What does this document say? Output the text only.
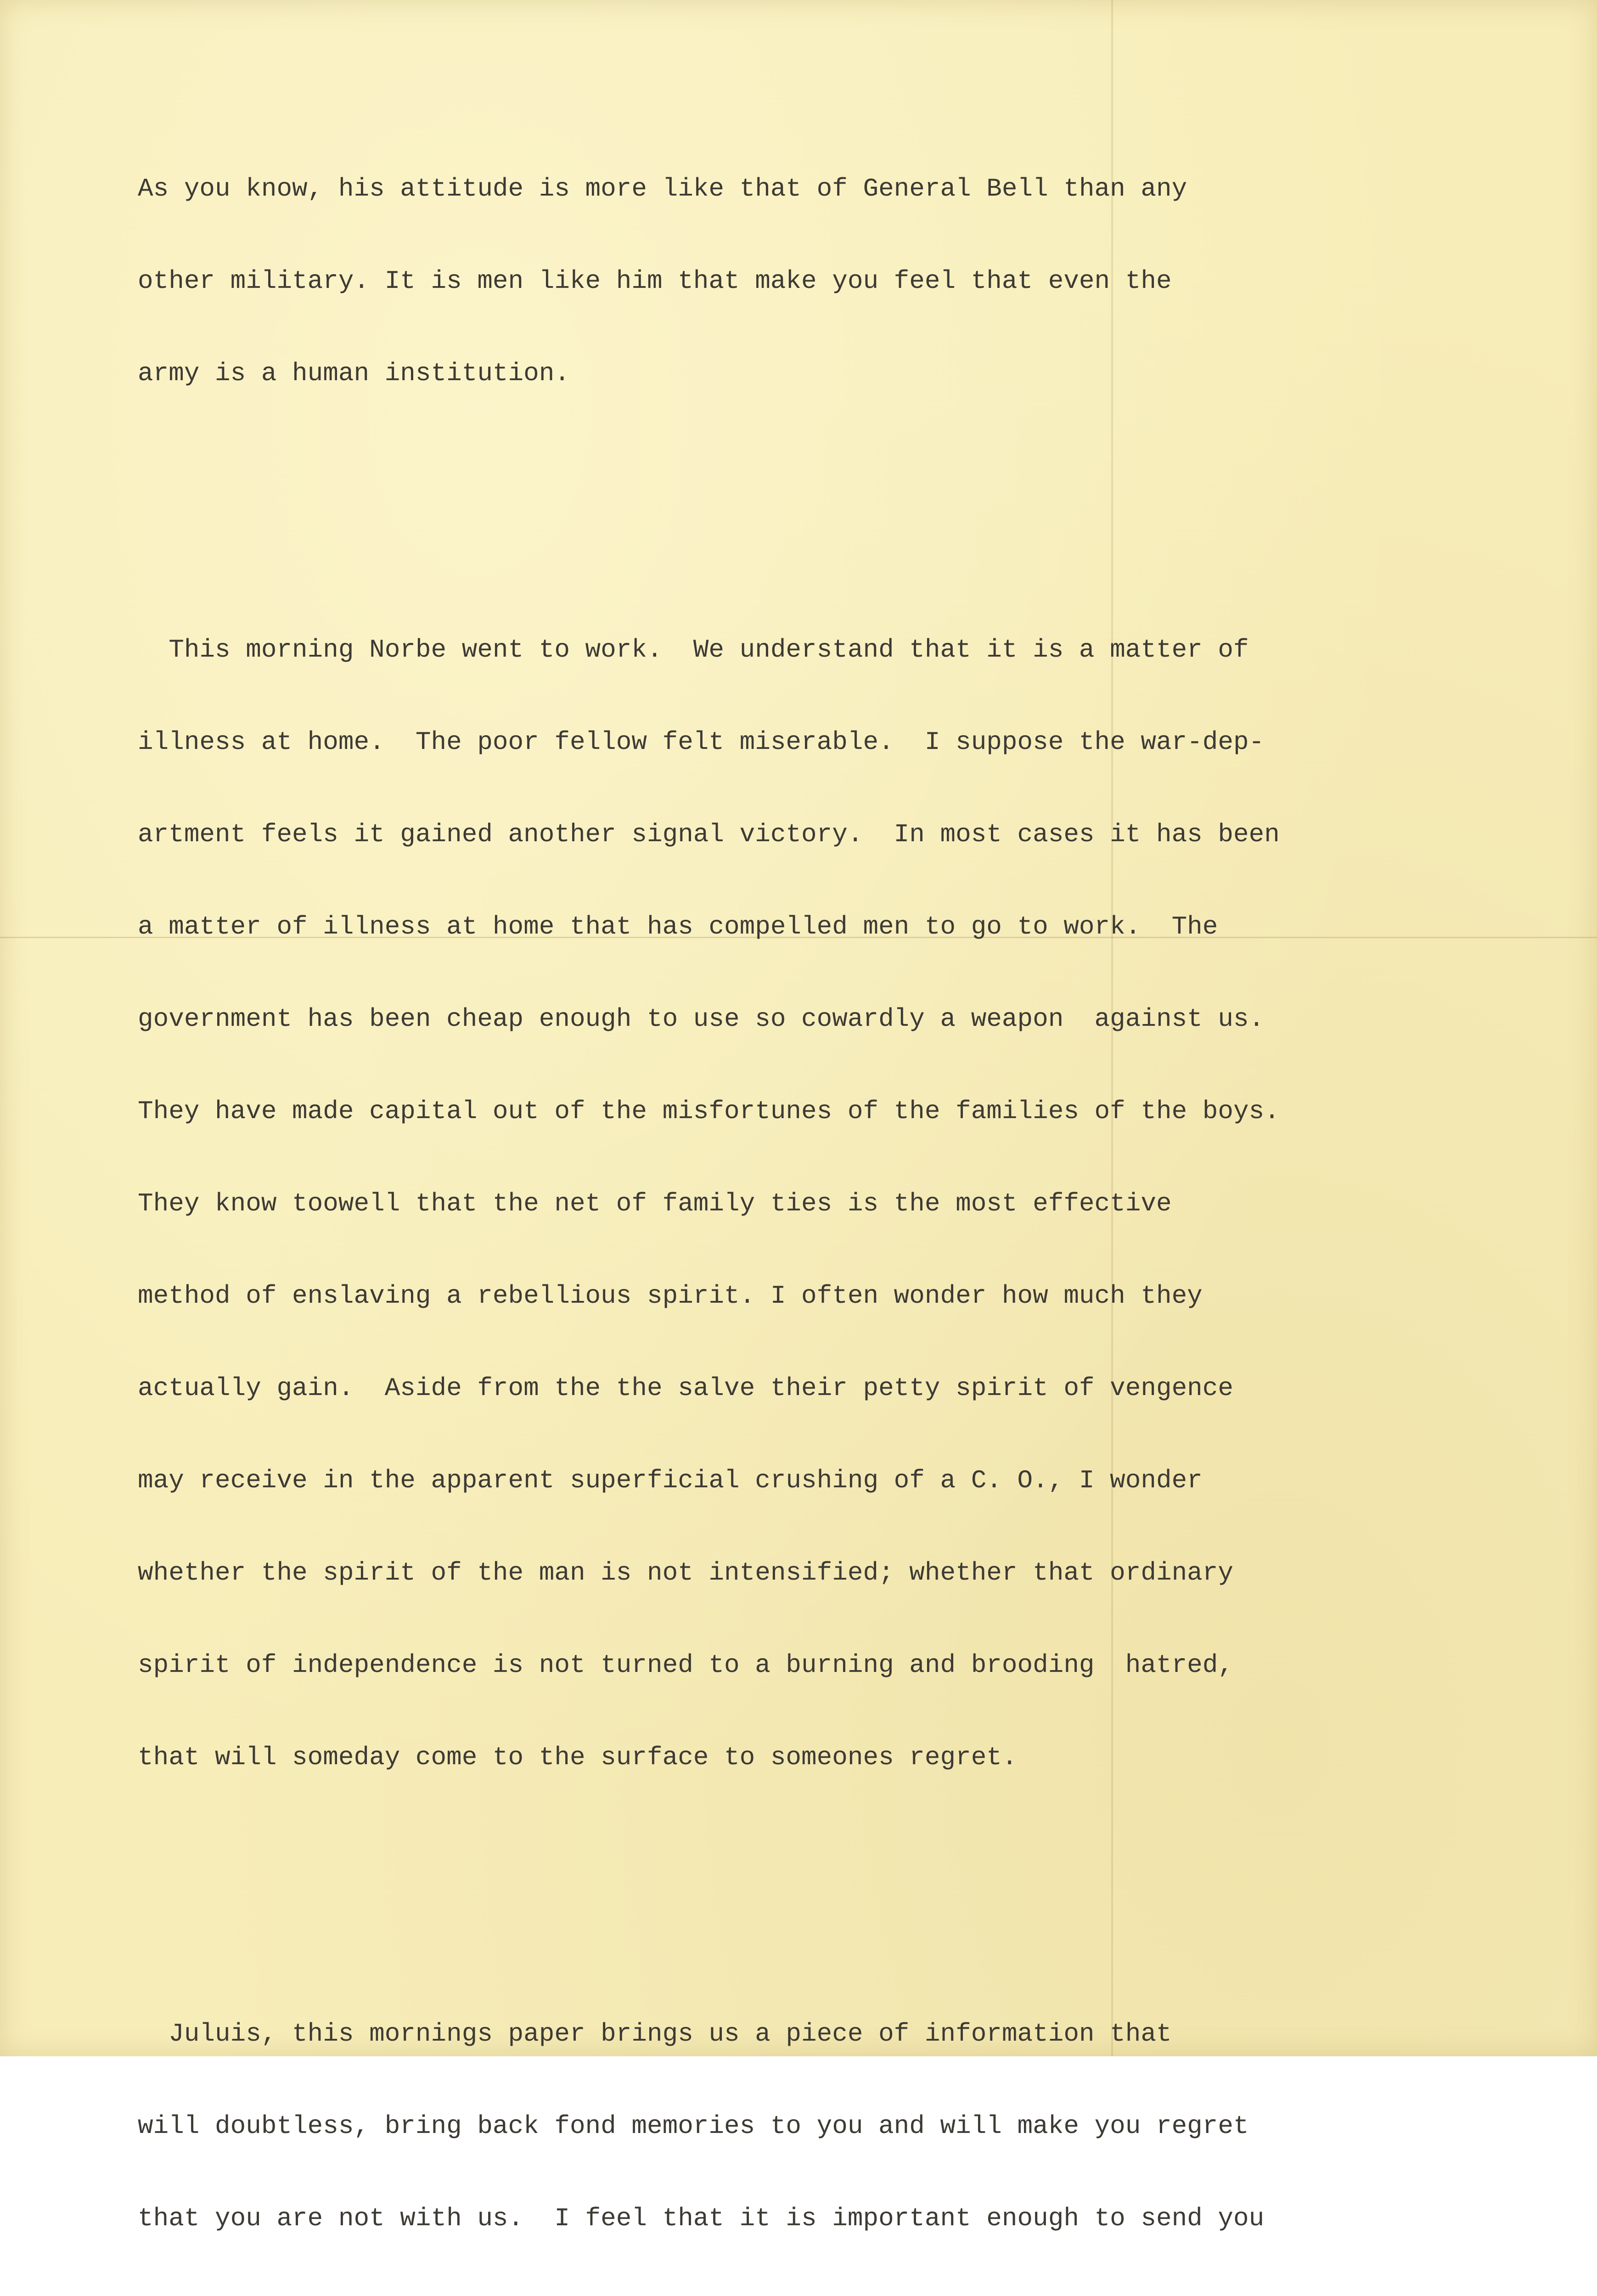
As you know, his attitude is more like that of General Bell than any

other military. It is men like him that make you feel that even the

army is a human institution.

This morning Norbe went to work.  We understand that it is a matter of

illness at home.  The poor fellow felt miserable.  I suppose the war-dep-

artment feels it gained another signal victory.  In most cases it has been

a matter of illness at home that has compelled men to go to work.  The

government has been cheap enough to use so cowardly a weapon  against us.

They have made capital out of the misfortunes of the families of the boys.

They know toowell that the net of family ties is the most effective

method of enslaving a rebellious spirit. I often wonder how much they

actually gain.  Aside from the the salve their petty spirit of vengence

may receive in the apparent superficial crushing of a C. O., I wonder

whether the spirit of the man is not intensified; whether that ordinary

spirit of independence is not turned to a burning and brooding  hatred,

that will someday come to the surface to someones regret.

Juluis, this mornings paper brings us a piece of information that

will doubtless, bring back fond memories to you and will make you regret

that you are not with us.  I feel that it is important enough to send you
